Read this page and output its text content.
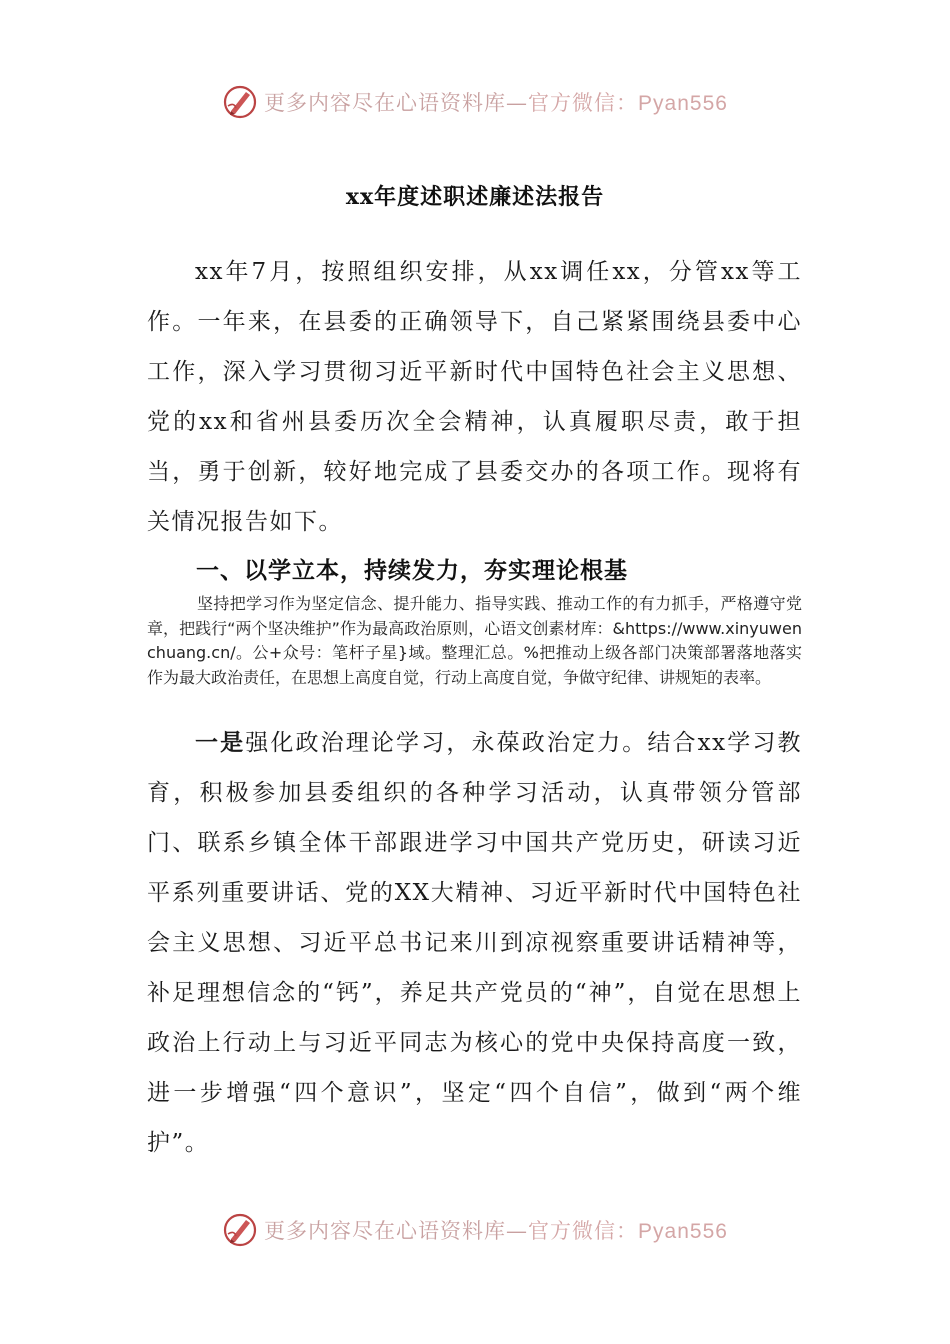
更多内容尽在心语资料库—官方微信：Pyan556
xx年度述职述廉述法报告

xx年7月，按照组织安排，从xx调任xx，分管xx等工作。一年来，在县委的正确领导下，自己紧紧围绕县委中心工作，深入学习贯彻习近平新时代中国特色社会主义思想、党的xx和省州县委历次全会精神，认真履职尽责，敢于担当，勇于创新，较好地完成了县委交办的各项工作。现将有关情况报告如下。

一、以学立本，持续发力，夯实理论根基

坚持把学习作为坚定信念、提升能力、指导实践、推动工作的有力抓手，严格遵守党章，把践行“两个坚决维护”作为最高政治原则，心语文创素材库：&https://www.xinyuwenchuang.cn/。公+众号：笔杆子星}域。整理汇总。%把推动上级各部门决策部署落地落实作为最大政治责任，在思想上高度自觉，行动上高度自觉，争做守纪律、讲规矩的表率。

一是强化政治理论学习，永葆政治定力。结合xx学习教育，积极参加县委组织的各种学习活动，认真带领分管部门、联系乡镇全体干部跟进学习中国共产党历史，研读习近平系列重要讲话、党的XX大精神、习近平新时代中国特色社会主义思想、习近平总书记来川到凉视察重要讲话精神等，补足理想信念的“钙”，养足共产党员的“神”，自觉在思想上政治上行动上与习近平同志为核心的党中央保持高度一致，进一步增强“四个意识”，坚定“四个自信”，做到“两个维护”。

更多内容尽在心语资料库—官方微信：Pyan556
